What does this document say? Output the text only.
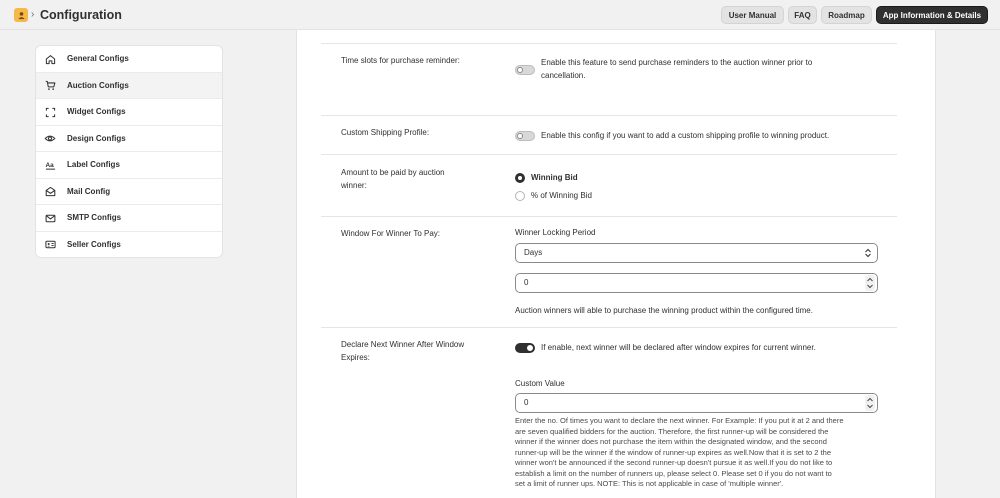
› Configuration	User Manual	FAQ	Roadmap	App Information & Details
General Configs
Auction Configs
Widget Configs
Design Configs
Aa Label Configs
Mail Config
SMTP Configs
Seller Configs
Time slots for purchase reminder:	Enable this feature to send purchase reminders to the auction winner prior to
cancellation.
Custom Shipping Profile:	Enable this config if you want to add a custom shipping profile to winning product.
Amount to be paid by auction
winner:
Winning Bid
% of Winning Bid
Window For Winner To Pay:	Winner Locking Period
Days
0
Auction winners will able to purchase the winning product within the configured time.
Declare Next Winner After Window
Expires:
If enable, next winner will be declared after window expires for current winner.
Custom Value
0
Enter the no. Of times you want to declare the next winner. For Example: If you put it at 2 and there
are seven qualified bidders for the auction. Therefore, the first runner-up will be considered the
winner if the winner does not purchase the item within the designated window, and the second
runner-up will be the winner if the window of runner-up expires as well.Now that it is set to 2 the
winner won't be announced if the second runner-up doesn't pursue it as well.If you do not like to
establish a limit on the number of runners up, please select 0. Please set 0 if you do not want to
set a limit of runner ups. NOTE: This is not applicable in case of 'multiple winner'.
